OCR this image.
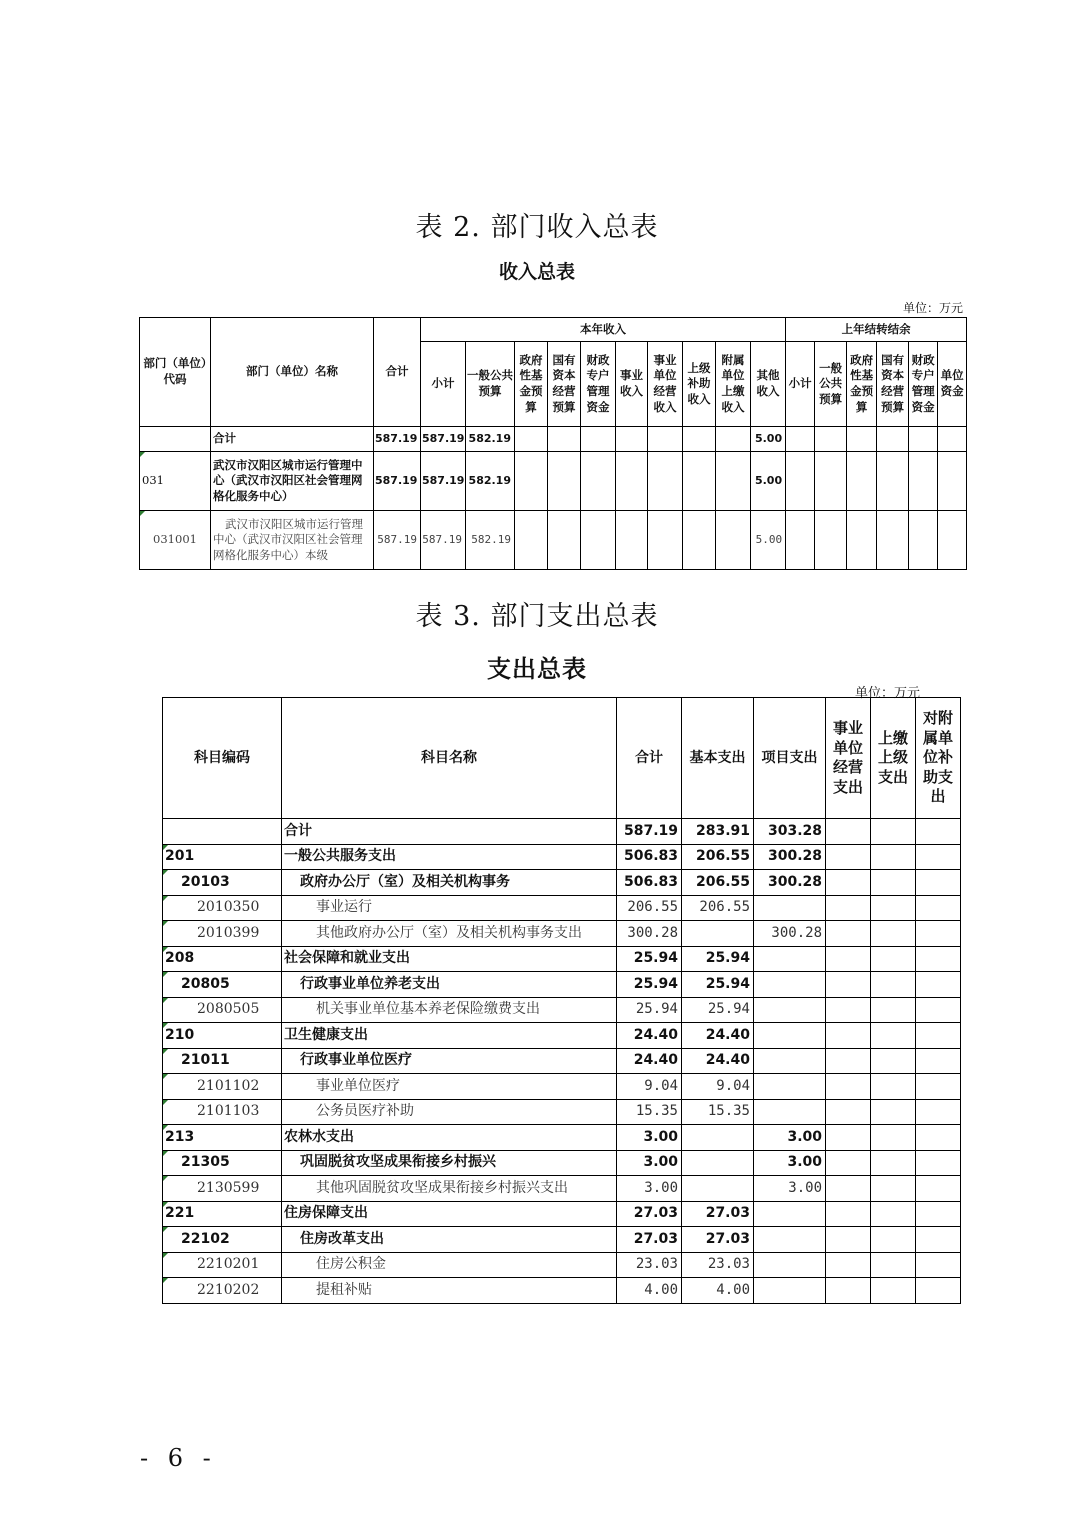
表 2. 部门收入总表
收入总表
单位：万元
部门（单位）代码	部门（单位）名称	合计	本年收入										上年结转结余					
			小计	一般公共预算	政府性基金预算	国有资本经营预算	财政专户管理资金	事业收入	事业单位经营收入	上级补助收入	附属单位上缴收入	其他收入	小计	一般公共预算	政府性基金预算	国有资本经营预算	财政专户管理资金	单位资金
	合计	587.19	587.19	582.19								5.00						
031	武汉市汉阳区城市运行管理中心（武汉市汉阳区社会管理网格化服务中心）	587.19	587.19	582.19								5.00						
031001	武汉市汉阳区城市运行管理中心（武汉市汉阳区社会管理网格化服务中心）本级	587.19	587.19	582.19								5.00						
表 3. 部门支出总表
支出总表
单位：万元
科目编码	科目名称	合计	基本支出	项目支出	事业单位经营支出	上缴上级支出	对附属单位补助支出
	合计	587.19	283.91	303.28			
201	一般公共服务支出	506.83	206.55	300.28			
20103	政府办公厅（室）及相关机构事务	506.83	206.55	300.28			
2010350	事业运行	206.55	206.55				
2010399	其他政府办公厅（室）及相关机构事务支出	300.28		300.28			
208	社会保障和就业支出	25.94	25.94				
20805	行政事业单位养老支出	25.94	25.94				
2080505	机关事业单位基本养老保险缴费支出	25.94	25.94				
210	卫生健康支出	24.40	24.40				
21011	行政事业单位医疗	24.40	24.40				
2101102	事业单位医疗	9.04	9.04				
2101103	公务员医疗补助	15.35	15.35				
213	农林水支出	3.00		3.00			
21305	巩固脱贫攻坚成果衔接乡村振兴	3.00		3.00			
2130599	其他巩固脱贫攻坚成果衔接乡村振兴支出	3.00		3.00			
221	住房保障支出	27.03	27.03				
22102	住房改革支出	27.03	27.03				
2210201	住房公积金	23.03	23.03				
2210202	提租补贴	4.00	4.00				
- 6 -
